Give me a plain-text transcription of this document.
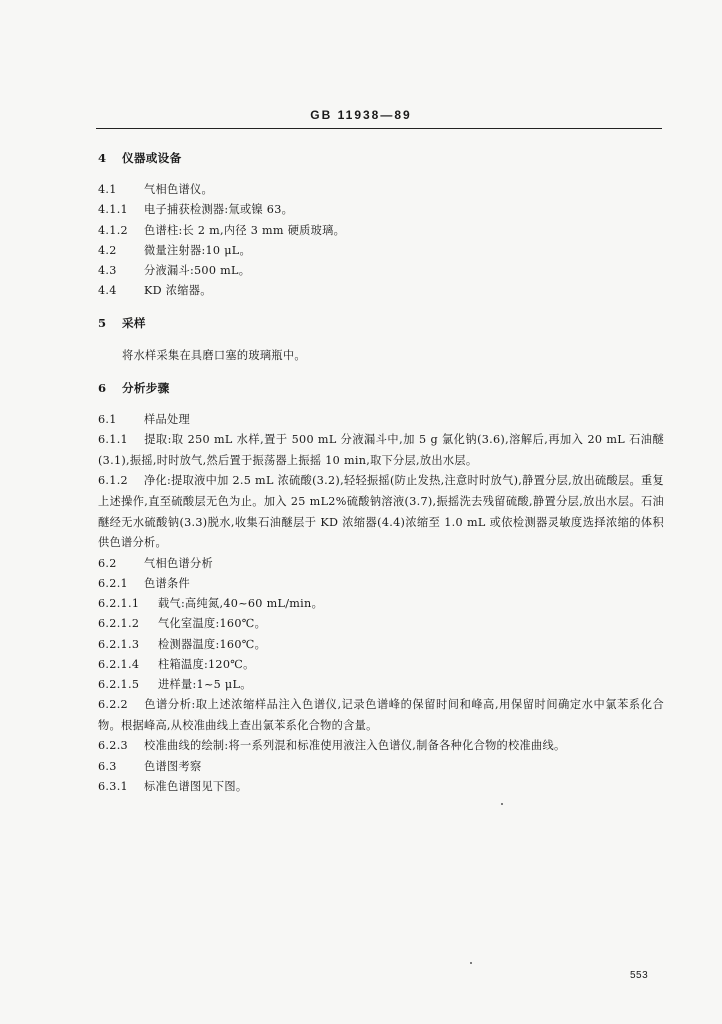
GB 11938—89
4 仪器或设备
4.1 气相色谱仪。
4.1.1 电子捕获检测器:氚或镍 63。
4.1.2 色谱柱:长 2 m,内径 3 mm 硬质玻璃。
4.2 微量注射器:10 μL。
4.3 分液漏斗:500 mL。
4.4 KD 浓缩器。
5 采样
将水样采集在具磨口塞的玻璃瓶中。
6 分析步骤
6.1 样品处理
6.1.1 提取:取 250 mL 水样,置于 500 mL 分液漏斗中,加 5 g 氯化钠(3.6),溶解后,再加入 20 mL 石油醚(3.1),振摇,时时放气,然后置于振荡器上振摇 10 min,取下分层,放出水层。
6.1.2 净化:提取液中加 2.5 mL 浓硫酸(3.2),轻轻振摇(防止发热,注意时时放气),静置分层,放出硫酸层。重复上述操作,直至硫酸层无色为止。加入 25 mL2%硫酸钠溶液(3.7),振摇洗去残留硫酸,静置分层,放出水层。石油醚经无水硫酸钠(3.3)脱水,收集石油醚层于 KD 浓缩器(4.4)浓缩至 1.0 mL 或依检测器灵敏度选择浓缩的体积供色谱分析。
6.2 气相色谱分析
6.2.1 色谱条件
6.2.1.1 载气:高纯氮,40~60 mL/min。
6.2.1.2 气化室温度:160℃。
6.2.1.3 检测器温度:160℃。
6.2.1.4 柱箱温度:120℃。
6.2.1.5 进样量:1~5 μL。
6.2.2 色谱分析:取上述浓缩样品注入色谱仪,记录色谱峰的保留时间和峰高,用保留时间确定水中氯苯系化合物。根据峰高,从校准曲线上查出氯苯系化合物的含量。
6.2.3 校准曲线的绘制:将一系列混和标准使用液注入色谱仪,制备各种化合物的校准曲线。
6.3 色谱图考察
6.3.1 标准色谱图见下图。
553
